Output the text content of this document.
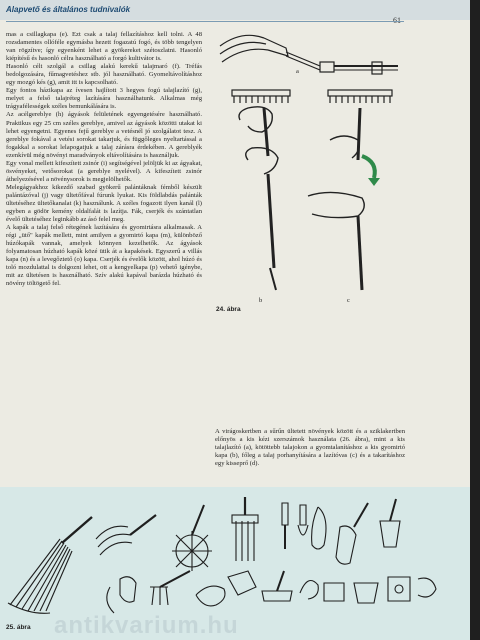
Alapvető és általános tudnivalók

mas a csillagkapa (e). Ezt csak a talaj fellazításhoz kell tolni. A 48 rozsdamentes ollóféle egymásba hezett fogazatú fogó, és több tengelyen van rögzítve; így egyenként lehet a gyökereket szétoszlatni. Hasonló kiépítésű és hasonló célra használható a forgó kultivátor is.

Hasonló célt szolgál a csillag alakú kerekű talajmaró (f). Tréfás bedolgozására, fűmagvetéshez stb. jól használható. Gyomeltávolításhoz egy mozgó kés (g), amit itt is kapcsolható.

Egy fontos házikapa az ívesen hajlított 3 hegyes fogú talajlazító (g), melyet a felső talajréteg lazítására használhatunk. Alkalmas még trágyafélességek széles bemunkálására is.

Az acélgereblye (h) ágyások felületének egyengetésére használható. Praktikus egy 25 cm széles gereblye, amivel az ágyások közötti utakat ki lehet egyengetni. Egyenes fejű gereblye a vetésnél jó szolgálatot tesz. A gereblye fokával a vetési sorokat takarjuk, és függőleges nyeltartással a fogakkal a sorokat lelapogatjuk a talaj zárásra érdekében. A gereblyék ezenkívül még növényi maradványok eltávolítására is használjuk.

Egy vonal mellett kifeszített zsinór (i) segítségével jelöljük ki az ágyakat, ösvényeket, vetősorokat (a gereblye nyelével). A kifeszített zsinór áthelyezésével a növénysorok is megjelölhetők.

Melegágyakhoz kikezdő szabad gyökerű palántáknak fémből készült palántázóval (j) vagy ültetőfával fúrunk lyukat. Kis földlabdás palánták ültetéséhez ültetőkanalat (k) használunk. A széles fogazott ilyen kanál (l) egyben a gödör kemény oldalfalát is lazítja. Fák, cserjék és szántatlan évelő ültetéséhez leginkább az ásó felel meg.

A kapák a talaj felső rétegének lazítására és gyomirtásra alkalmasak. A régi „ütő" kapák mellett, mint amilyen a gyomirtó kapa (m), különböző húzókapák vannak, amelyek könnyen kezelhetők. Az ágyások folyamatosan húzható kapák közé ütik át a kapakések. Egyszerű a villás kapa (n) és a levegőztető (o) kapa. Cserjék és évelők között, ahol húzó és toló mozdulattal is dolgozni lehet, ott a kengyelkapa (p) vehető igénybe, mit az ültetésen is használható. Szív alakú kapával barázda húzható és növény töltögető fel.

a
b	c
24. ábra

A virágoskertben a sűrűn ültetett növények között és a sziklakertben előnyös a kis kézi szerszámok használata (26. ábra), mint a kis talajlazító (a), kötöttebb talajokon a gyomtalanításhoz a kis gyomirtó kapa (b), főleg a talaj porhanyítására a lazítóvas (c) és a takarításhoz egy kisseprő (d).

antikvarium.hu
25. ábra
